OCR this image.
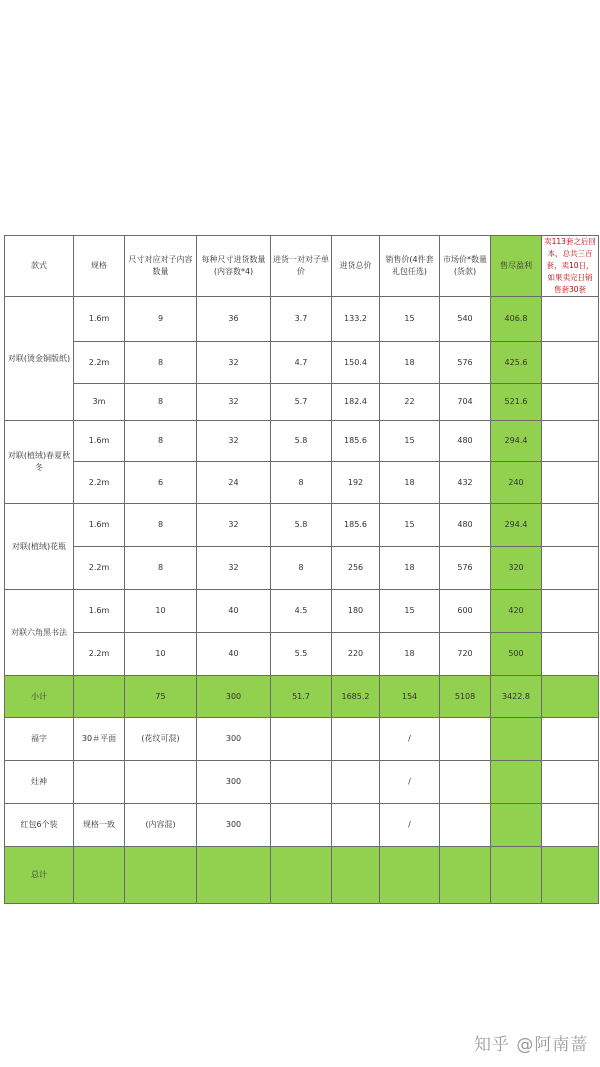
款式	规格	尺寸对应对子内容数量	每种尺寸进货数量(内容数*4)	进货一对对子单价	进货总价	销售价(4件套礼包任选)	市场价*数量(货款)	售尽盈利	卖113套之后回本，总共三百套，卖10日，如果卖完日销售套30套
对联(烫金铜版纸)	1.6m	9	36	3.7	133.2	15	540	406.8	
	2.2m	8	32	4.7	150.4	18	576	425.6	
	3m	8	32	5.7	182.4	22	704	521.6	
对联(植绒)春夏秋冬	1.6m	8	32	5.8	185.6	15	480	294.4	
	2.2m	6	24	8	192	18	432	240	
对联(植绒)花瓶	1.6m	8	32	5.8	185.6	15	480	294.4	
	2.2m	8	32	8	256	18	576	320	
对联六角黑书法	1.6m	10	40	4.5	180	15	600	420	
	2.2m	10	40	5.5	220	18	720	500	
小计		75	300	51.7	1685.2	154	5108	3422.8	
福字	30＃平面	(花纹可混)	300			/			
灶神			300			/			
红包6个装	规格一致	(内容混)	300			/			
总计									
知乎 @阿南蔷
